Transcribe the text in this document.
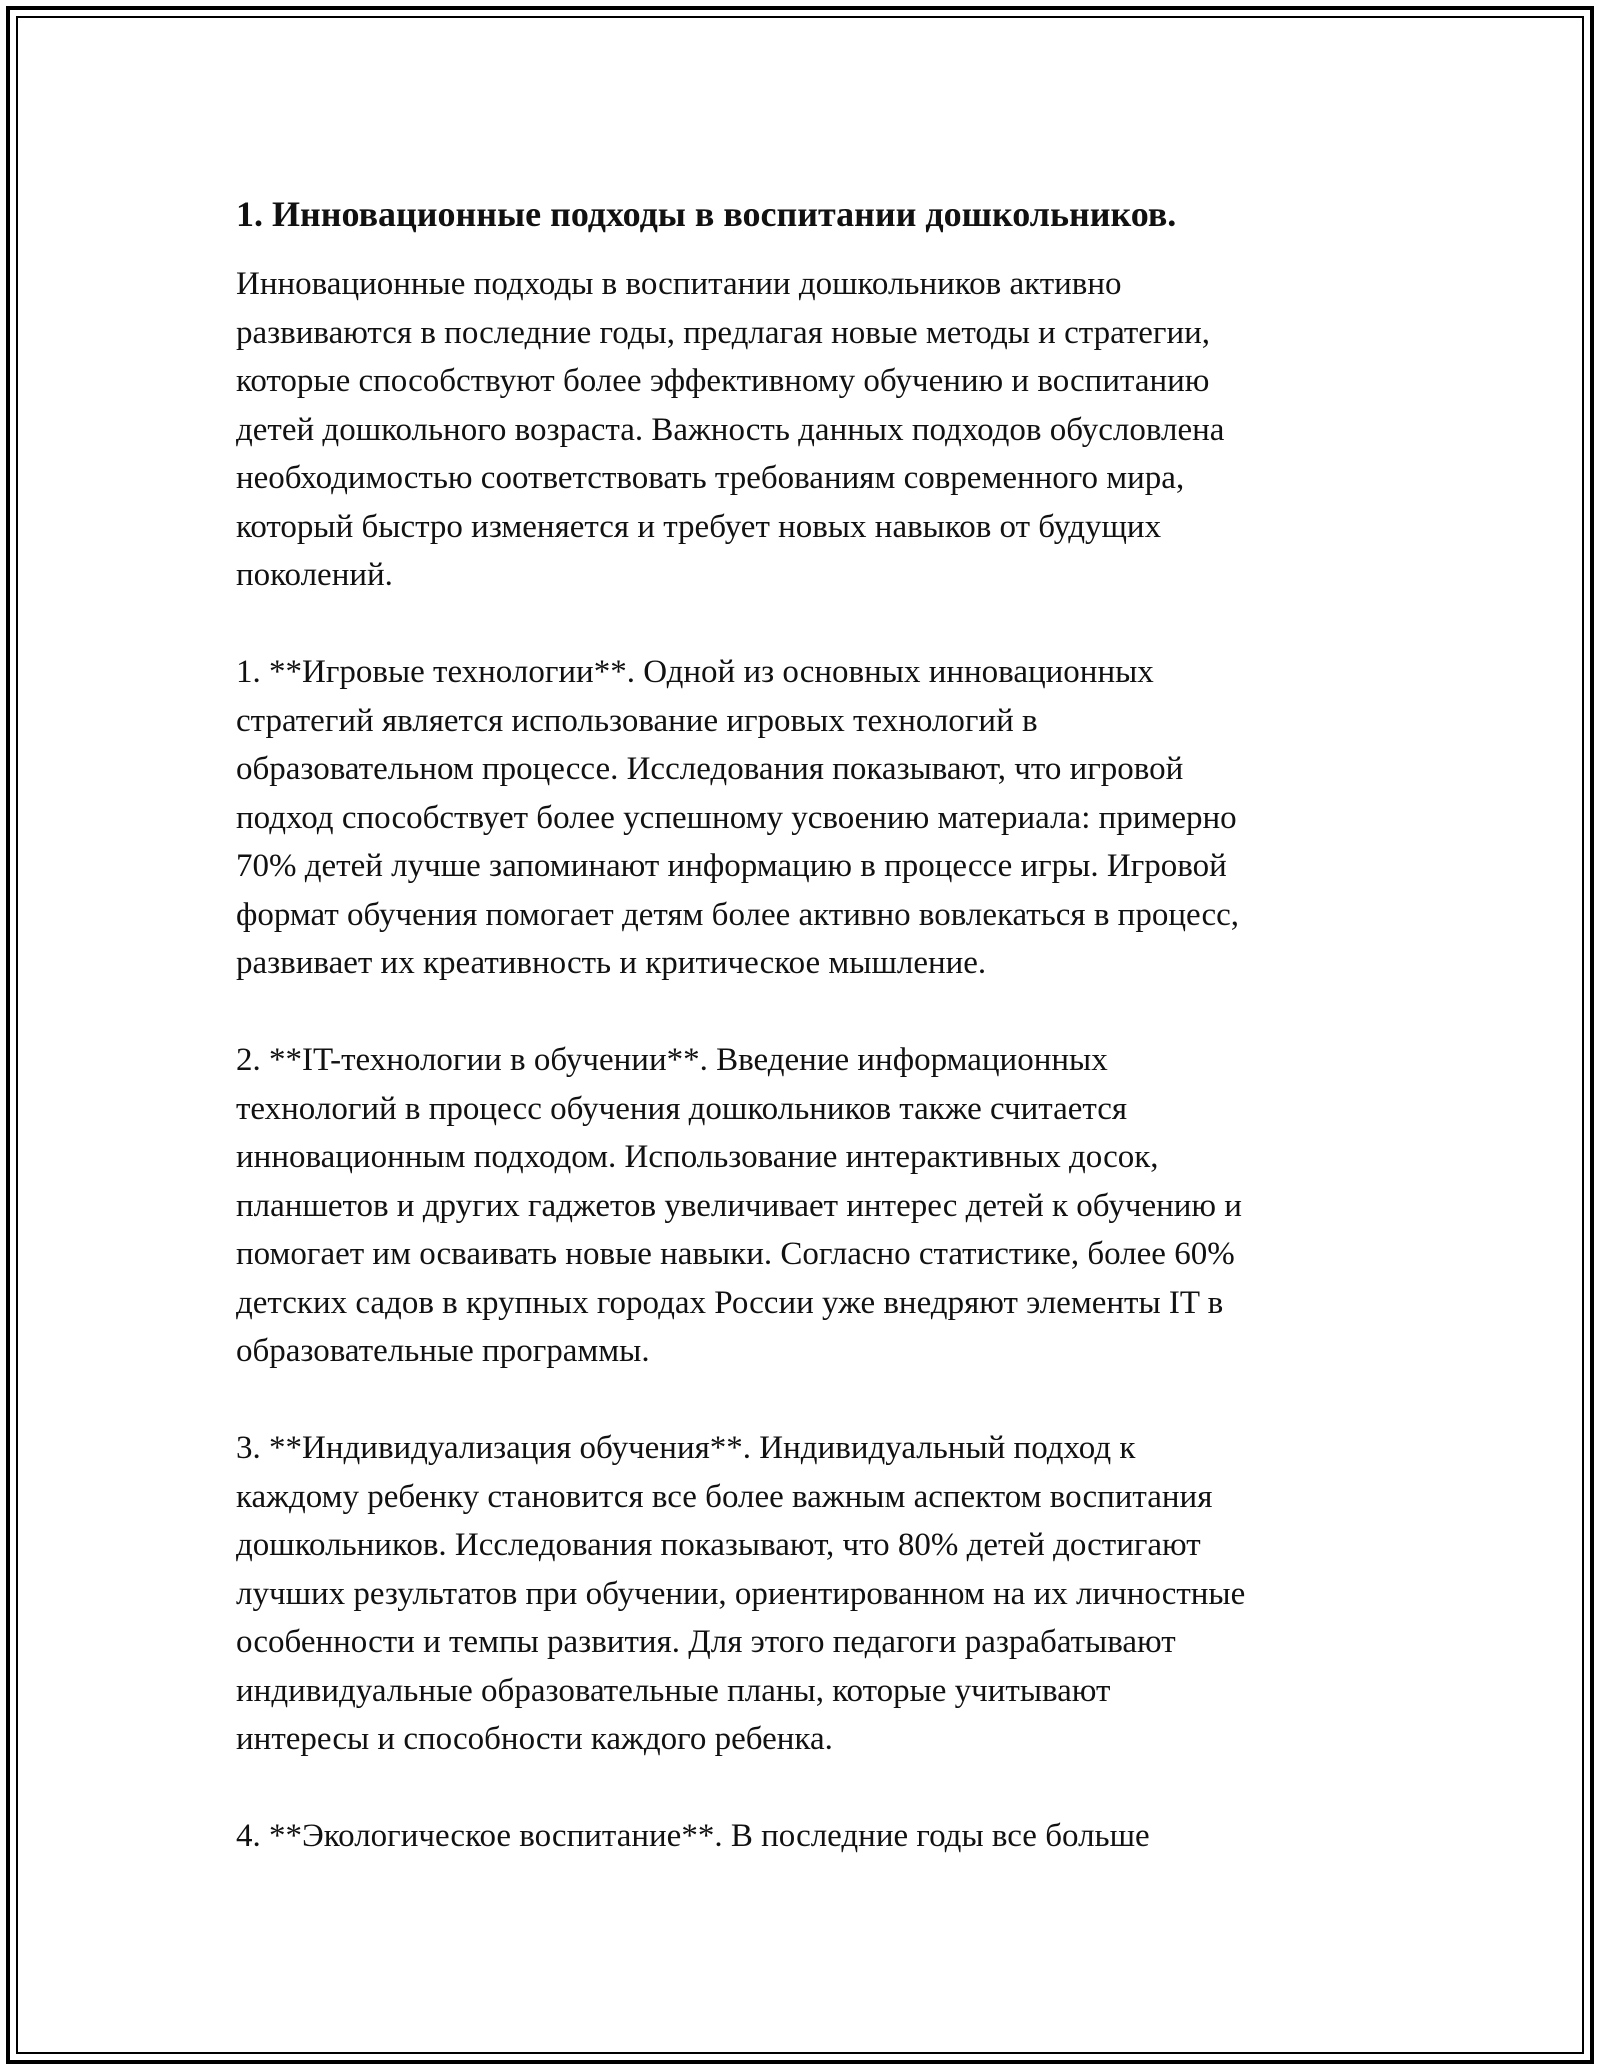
1. Инновационные подходы в воспитании дошкольников.

Инновационные подходы в воспитании дошкольников активно
развиваются в последние годы, предлагая новые методы и стратегии,
которые способствуют более эффективному обучению и воспитанию
детей дошкольного возраста. Важность данных подходов обусловлена
необходимостью соответствовать требованиям современного мира,
который быстро изменяется и требует новых навыков от будущих
поколений.

1. **Игровые технологии**. Одной из основных инновационных
стратегий является использование игровых технологий в
образовательном процессе. Исследования показывают, что игровой
подход способствует более успешному усвоению материала: примерно
70% детей лучше запоминают информацию в процессе игры. Игровой
формат обучения помогает детям более активно вовлекаться в процесс,
развивает их креативность и критическое мышление.

2. **IT-технологии в обучении**. Введение информационных
технологий в процесс обучения дошкольников также считается
инновационным подходом. Использование интерактивных досок,
планшетов и других гаджетов увеличивает интерес детей к обучению и
помогает им осваивать новые навыки. Согласно статистике, более 60%
детских садов в крупных городах России уже внедряют элементы IT в
образовательные программы.

3. **Индивидуализация обучения**. Индивидуальный подход к
каждому ребенку становится все более важным аспектом воспитания
дошкольников. Исследования показывают, что 80% детей достигают
лучших результатов при обучении, ориентированном на их личностные
особенности и темпы развития. Для этого педагоги разрабатывают
индивидуальные образовательные планы, которые учитывают
интересы и способности каждого ребенка.

4. **Экологическое воспитание**. В последние годы все больше
